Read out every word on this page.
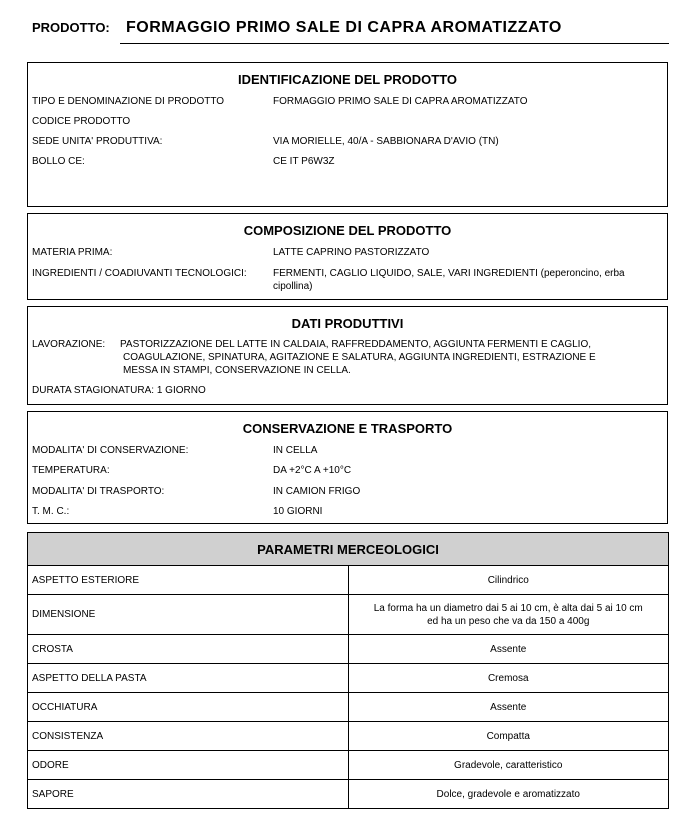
PRODOTTO: FORMAGGIO PRIMO SALE DI CAPRA AROMATIZZATO
IDENTIFICAZIONE DEL PRODOTTO
TIPO E DENOMINAZIONE DI PRODOTTO	FORMAGGIO PRIMO SALE DI CAPRA AROMATIZZATO
CODICE PRODOTTO
SEDE UNITA' PRODUTTIVA:	VIA MORIELLE, 40/A - SABBIONARA D'AVIO (TN)
BOLLO CE:	CE IT P6W3Z
COMPOSIZIONE DEL PRODOTTO
MATERIA PRIMA:	LATTE CAPRINO PASTORIZZATO
INGREDIENTI / COADIUVANTI TECNOLOGICI:	FERMENTI, CAGLIO LIQUIDO, SALE, VARI INGREDIENTI (peperoncino, erba cipollina)
DATI PRODUTTIVI
LAVORAZIONE: PASTORIZZAZIONE DEL LATTE IN CALDAIA, RAFFREDDAMENTO, AGGIUNTA FERMENTI E CAGLIO,
COAGULAZIONE, SPINATURA, AGITAZIONE E SALATURA, AGGIUNTA INGREDIENTI, ESTRAZIONE E
MESSA IN STAMPI, CONSERVAZIONE IN CELLA.
DURATA STAGIONATURA: 1 GIORNO
CONSERVAZIONE E TRASPORTO
MODALITA' DI CONSERVAZIONE:	IN CELLA
TEMPERATURA:	DA +2°C A +10°C
MODALITA' DI TRASPORTO:	IN CAMION FRIGO
T. M. C.:	10 GIORNI
PARAMETRI MERCEOLOGICI	
ASPETTO ESTERIORE	Cilindrico
DIMENSIONE	La forma ha un diametro dai 5 ai 10 cm, è alta dai 5 ai 10 cm
ed ha un peso che va da 150 a 400g

CROSTA	Assente
ASPETTO DELLA PASTA	Cremosa
OCCHIATURA	Assente
CONSISTENZA	Compatta
ODORE	Gradevole, caratteristico
SAPORE	Dolce, gradevole e aromatizzato
